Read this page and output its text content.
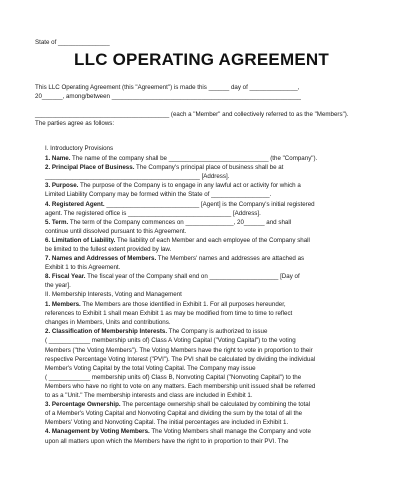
State of _______________
LLC OPERATING AGREEMENT

This LLC Operating Agreement (this "Agreement") is made this ______ day of ______________,

20______, among/between _______________________________________________________

_______________________________________ (each a "Member" and collectively referred to as the "Members").

The parties agree as follows:

I. Introductory Provisions
1. Name. The name of the company shall be _____________________________ (the "Company").
2. Principal Place of Business. The Company's principal place of business shall be at
_____________________________________________ [Address].
3. Purpose. The purpose of the Company is to engage in any lawful act or activity for which a
Limited Liability Company may be formed within the State of _________________.
4. Registered Agent. ___________________________ [Agent] is the Company's initial registered
agent. The registered office is ______________________________ [Address].
5. Term. The term of the Company commences on ______________, 20______ and shall
continue until dissolved pursuant to this Agreement.
6. Limitation of Liability. The liability of each Member and each employee of the Company shall
be limited to the fullest extent provided by law.
7. Names and Addresses of Members. The Members' names and addresses are attached as
Exhibit 1 to this Agreement.
8. Fiscal Year. The fiscal year of the Company shall end on ____________________ [Day of
the year].
II. Membership Interests, Voting and Management
1. Members. The Members are those identified in Exhibit 1. For all purposes hereunder,
references to Exhibit 1 shall mean Exhibit 1 as may be modified from time to time to reflect
changes in Members, Units and contributions.
2. Classification of Membership Interests. The Company is authorized to issue
( ____________ membership units of) Class A Voting Capital ("Voting Capital") to the voting
Members ("the Voting Members"). The Voting Members have the right to vote in proportion to their
respective Percentage Voting Interest ("PVI"). The PVI shall be calculated by dividing the individual
Member's Voting Capital by the total Voting Capital. The Company may issue
( ____________ membership units of) Class B, Nonvoting Capital ("Nonvoting Capital") to the
Members who have no right to vote on any matters. Each membership unit issued shall be referred
to as a "Unit." The membership interests and class are included in Exhibit 1.
3. Percentage Ownership. The percentage ownership shall be calculated by combining the total
of a Member's Voting Capital and Nonvoting Capital and dividing the sum by the total of all the
Members' Voting and Nonvoting Capital. The initial percentages are included in Exhibit 1.
4. Management by Voting Members. The Voting Members shall manage the Company and vote
upon all matters upon which the Members have the right to in proportion to their PVI. The
